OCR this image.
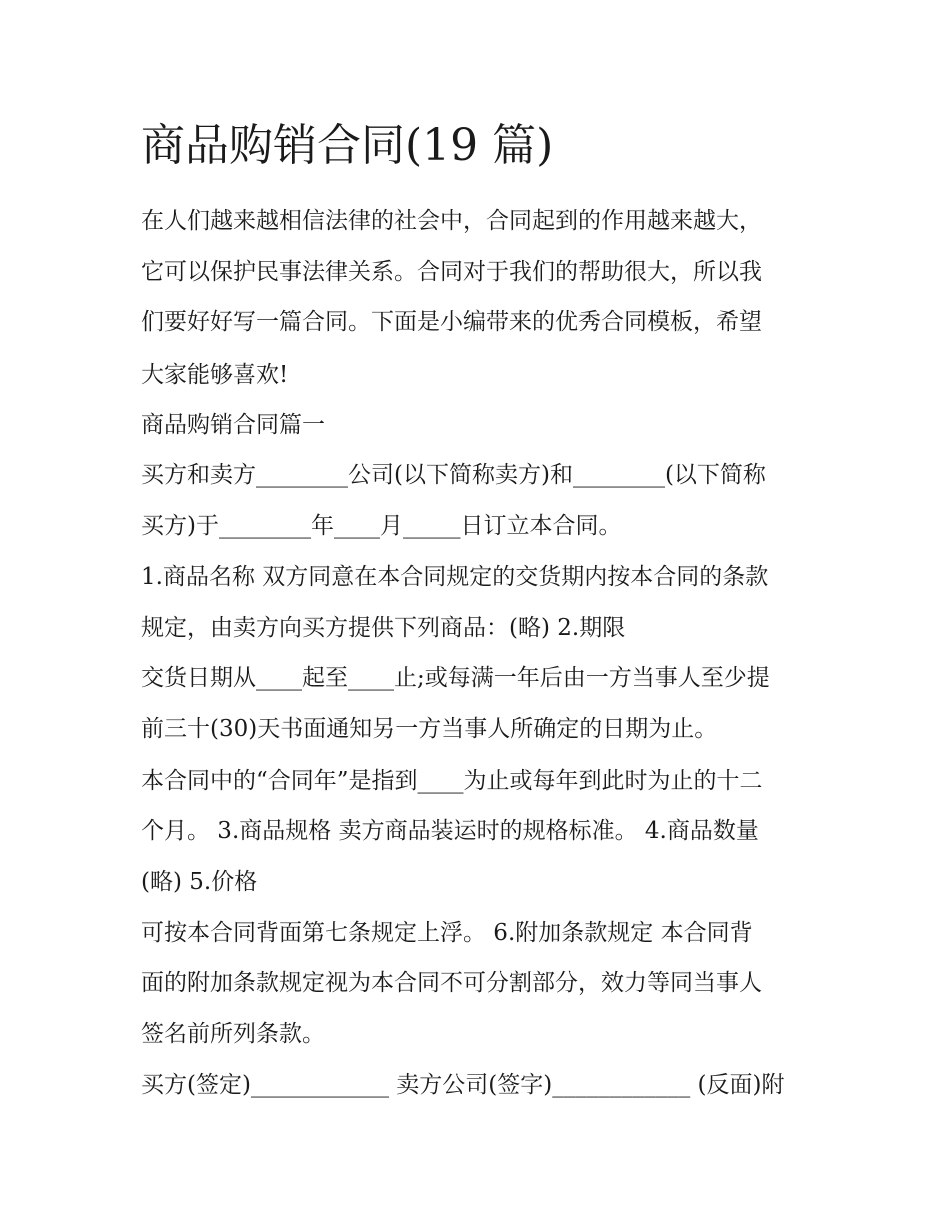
商品购销合同(19 篇)

在人们越来越相信法律的社会中，合同起到的作用越来越大，

它可以保护民事法律关系。合同对于我们的帮助很大，所以我

们要好好写一篇合同。下面是小编带来的优秀合同模板，希望

大家能够喜欢!

商品购销合同篇一

买方和卖方________公司(以下简称卖方)和________(以下简称

买方)于________年____月_____日订立本合同。

1.商品名称 双方同意在本合同规定的交货期内按本合同的条款

规定，由卖方向买方提供下列商品：(略) 2.期限

交货日期从____起至____止;或每满一年后由一方当事人至少提

前三十(30)天书面通知另一方当事人所确定的日期为止。

本合同中的“合同年”是指到____为止或每年到此时为止的十二

个月。 3.商品规格 卖方商品装运时的规格标准。 4.商品数量

(略) 5.价格

可按本合同背面第七条规定上浮。 6.附加条款规定 本合同背

面的附加条款规定视为本合同不可分割部分，效力等同当事人

签名前所列条款。

买方(签定)____________ 卖方公司(签字)____________ (反面)附
